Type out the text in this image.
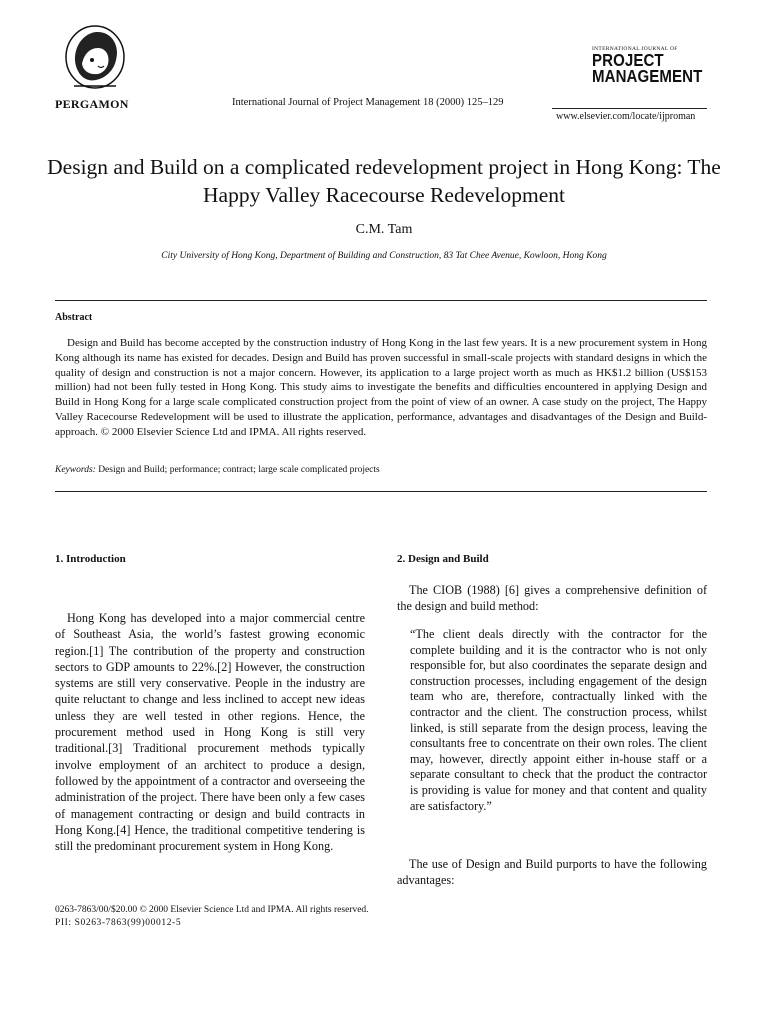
PERGAMON	International Journal of Project Management 18 (2000) 125–129
INTERNATIONAL JOURNAL OF
PROJECT
MANAGEMENT
www.elsevier.com/locate/ijproman
Design and Build on a complicated redevelopment project in Hong Kong: The Happy Valley Racecourse Redevelopment
C.M. Tam
City University of Hong Kong, Department of Building and Construction, 83 Tat Chee Avenue, Kowloon, Hong Kong
Abstract

Design and Build has become accepted by the construction industry of Hong Kong in the last few years. It is a new procurement system in Hong Kong although its name has existed for decades. Design and Build has proven successful in small-scale projects with standard designs in which the quality of design and construction is not a major concern. However, its application to a large project worth as much as HK$1.2 billion (US$153 million) had not been fully tested in Hong Kong. This study aims to investigate the benefits and difficulties encountered in applying Design and Build in Hong Kong for a large scale complicated construction project from the point of view of an owner. A case study on the project, The Happy Valley Racecourse Redevelopment will be used to illustrate the application, performance, advantages and disadvantages of the Design and Build-approach. © 2000 Elsevier Science Ltd and IPMA. All rights reserved.

Keywords: Design and Build; performance; contract; large scale complicated projects
1. Introduction

Hong Kong has developed into a major commercial centre of Southeast Asia, the world’s fastest growing economic region.[1] The contribution of the property and construction sectors to GDP amounts to 22%.[2] However, the construction systems are still very conservative. People in the industry are quite reluctant to change and less inclined to accept new ideas unless they are well tested in other regions. Hence, the procurement method used in Hong Kong is still very traditional.[3] Traditional procurement methods typically involve employment of an architect to produce a design, followed by the appointment of a contractor and overseeing the administration of the project. There have been only a few cases of management contracting or design and build contracts in Hong Kong.[4] Hence, the traditional competitive tendering is still the predominant procurement system in Hong Kong.

2. Design and Build

The CIOB (1988) [6] gives a comprehensive definition of the design and build method:

“The client deals directly with the contractor for the complete building and it is the contractor who is not only responsible for, but also coordinates the separate design and construction processes, including engagement of the design team who are, therefore, contractually linked with the contractor and the client. The construction process, whilst linked, is still separate from the design process, leaving the consultants free to concentrate on their own roles. The client may, however, directly appoint either in-house staff or a separate consultant to check that the product the contractor is providing is value for money and that content and quality are satisfactory.”

The use of Design and Build purports to have the following advantages:

0263-7863/00/$20.00 © 2000 Elsevier Science Ltd and IPMA. All rights reserved.
PII: S0263-7863(99)00012-5
